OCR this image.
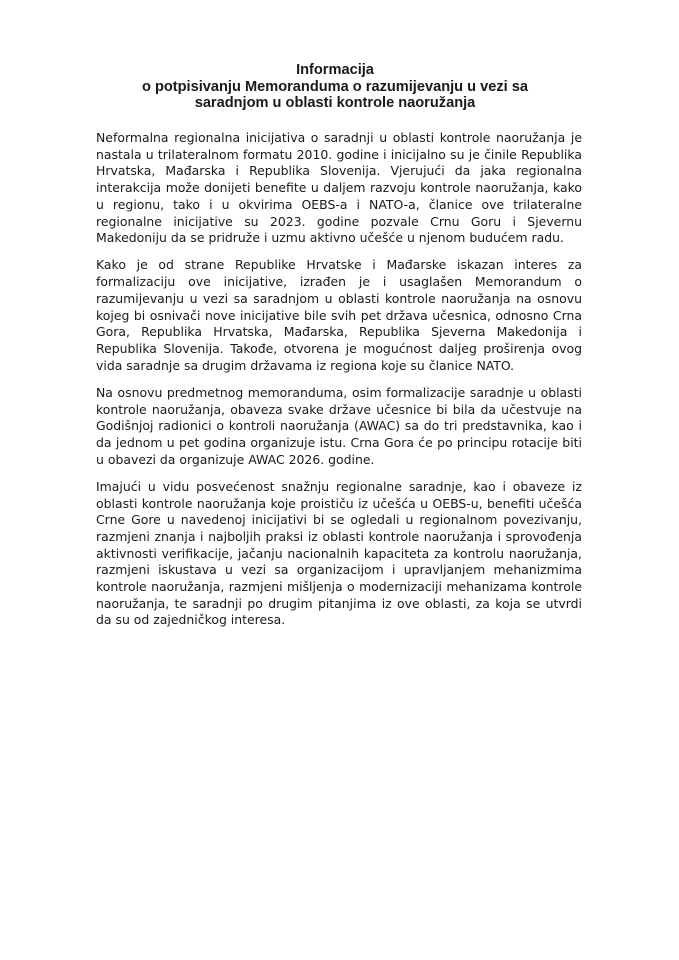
Informacija
o potpisivanju Memoranduma o razumijevanju u vezi sa
saradnjom u oblasti kontrole naoružanja

Neformalna regionalna inicijativa o saradnji u oblasti kontrole naoružanja je nastala u trilateralnom formatu 2010. godine i inicijalno su je činile Republika Hrvatska, Mađarska i Republika Slovenija. Vjerujući da jaka regionalna interakcija može donijeti benefite u daljem razvoju kontrole naoružanja, kako u regionu, tako i u okvirima OEBS-a i NATO-a, članice ove trilateralne regionalne inicijative su 2023. godine pozvale Crnu Goru i Sjevernu Makedoniju da se pridruže i uzmu aktivno učešće u njenom budućem radu.

Kako je od strane Republike Hrvatske i Mađarske iskazan interes za formalizaciju ove inicijative, izrađen je i usaglašen Memorandum o razumijevanju u vezi sa saradnjom u oblasti kontrole naoružanja na osnovu kojeg bi osnivači nove inicijative bile svih pet država učesnica, odnosno Crna Gora, Republika Hrvatska, Mađarska, Republika Sjeverna Makedonija i Republika Slovenija. Takođe, otvorena je mogućnost daljeg proširenja ovog vida saradnje sa drugim državama iz regiona koje su članice NATO.

Na osnovu predmetnog memoranduma, osim formalizacije saradnje u oblasti kontrole naoružanja, obaveza svake države učesnice bi bila da učestvuje na Godišnjoj radionici o kontroli naoružanja (AWAC) sa do tri predstavnika, kao i da jednom u pet godina organizuje istu. Crna Gora će po principu rotacije biti u obavezi da organizuje AWAC 2026. godine.

Imajući u vidu posvećenost snažnju regionalne saradnje, kao i obaveze iz oblasti kontrole naoružanja koje proističu iz učešća u OEBS-u, benefiti učešća Crne Gore u navedenoj inicijativi bi se ogledali u regionalnom povezivanju, razmjeni znanja i najboljih praksi iz oblasti kontrole naoružanja i sprovođenja aktivnosti verifikacije, jačanju nacionalnih kapaciteta za kontrolu naoružanja, razmjeni iskustava u vezi sa organizacijom i upravljanjem mehanizmima kontrole naoružanja, razmjeni mišljenja o modernizaciji mehanizama kontrole naoružanja, te saradnji po drugim pitanjima iz ove oblasti, za koja se utvrdi da su od zajedničkog interesa.
